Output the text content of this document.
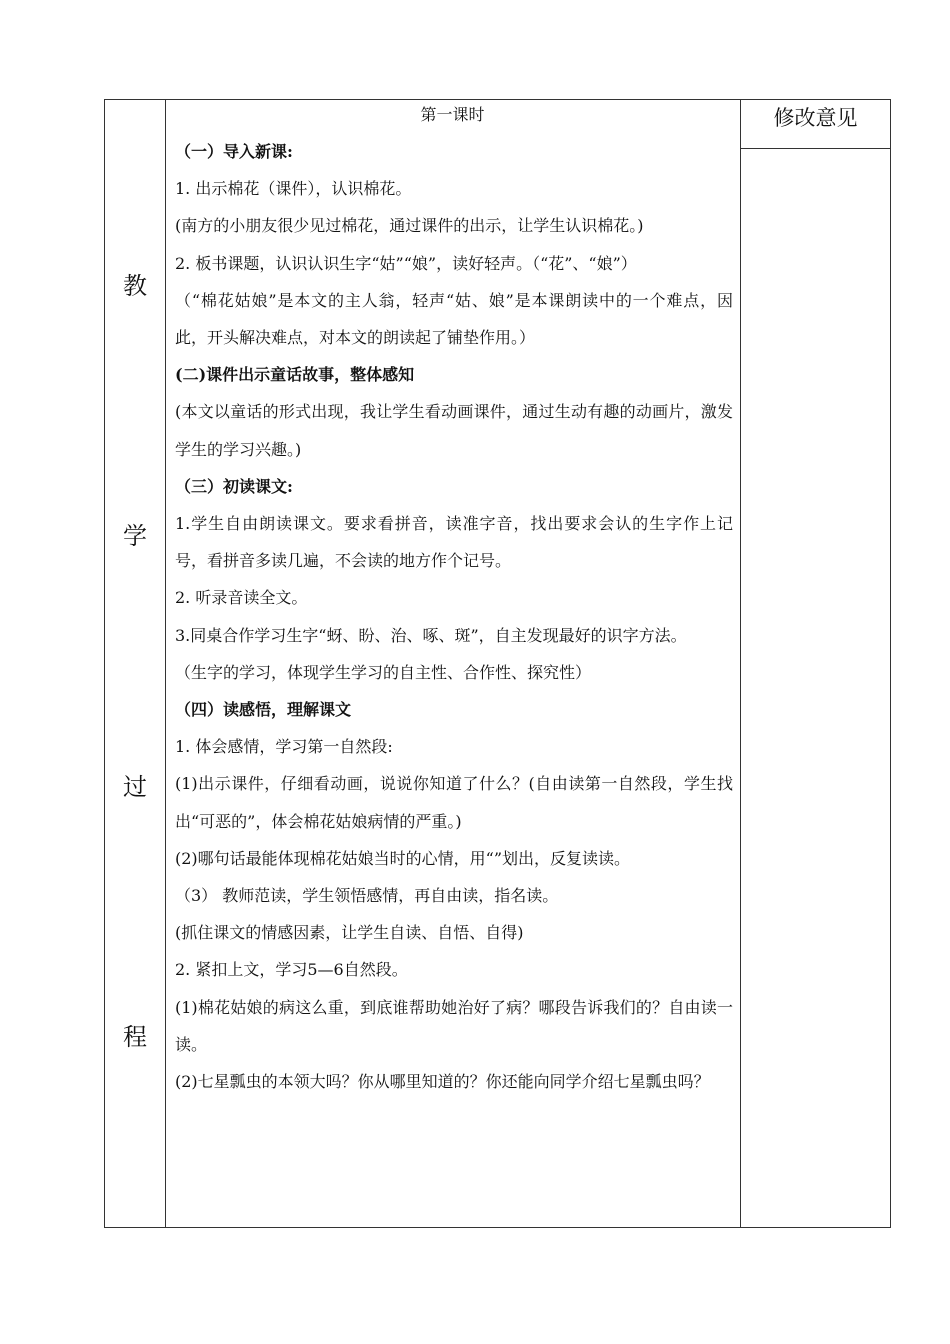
教
学
过
程
第一课时	修改意见

（一）导入新课:

1. 出示棉花（课件），认识棉花。

(南方的小朋友很少见过棉花，通过课件的出示，让学生认识棉花。)

2. 板书课题，认识认识生字“姑”“娘”，读好轻声。（“花”、“娘”）

（“棉花姑娘”是本文的主人翁，轻声“姑、娘”是本课朗读中的一个难点，因此，开头解决难点，对本文的朗读起了铺垫作用。）

(二)课件出示童话故事，整体感知

(本文以童话的形式出现，我让学生看动画课件，通过生动有趣的动画片，激发学生的学习兴趣。)

（三）初读课文:

1.学生自由朗读课文。要求看拼音，读准字音，找出要求会认的生字作上记号，看拼音多读几遍，不会读的地方作个记号。

2. 听录音读全文。

3.同桌合作学习生字“蚜、盼、治、啄、斑”，自主发现最好的识字方法。

（生字的学习，体现学生学习的自主性、合作性、探究性）

（四）读感悟，理解课文

1. 体会感情，学习第一自然段:

(1)出示课件，仔细看动画，说说你知道了什么？(自由读第一自然段，学生找出“可恶的”，体会棉花姑娘病情的严重。)

(2)哪句话最能体现棉花姑娘当时的心情，用“”划出，反复读读。

（3） 教师范读，学生领悟感情，再自由读，指名读。

(抓住课文的情感因素，让学生自读、自悟、自得)

2. 紧扣上文，学习5—6自然段。

(1)棉花姑娘的病这么重，到底谁帮助她治好了病？哪段告诉我们的？自由读一读。

(2)七星瓢虫的本领大吗？你从哪里知道的？你还能向同学介绍七星瓢虫吗？
